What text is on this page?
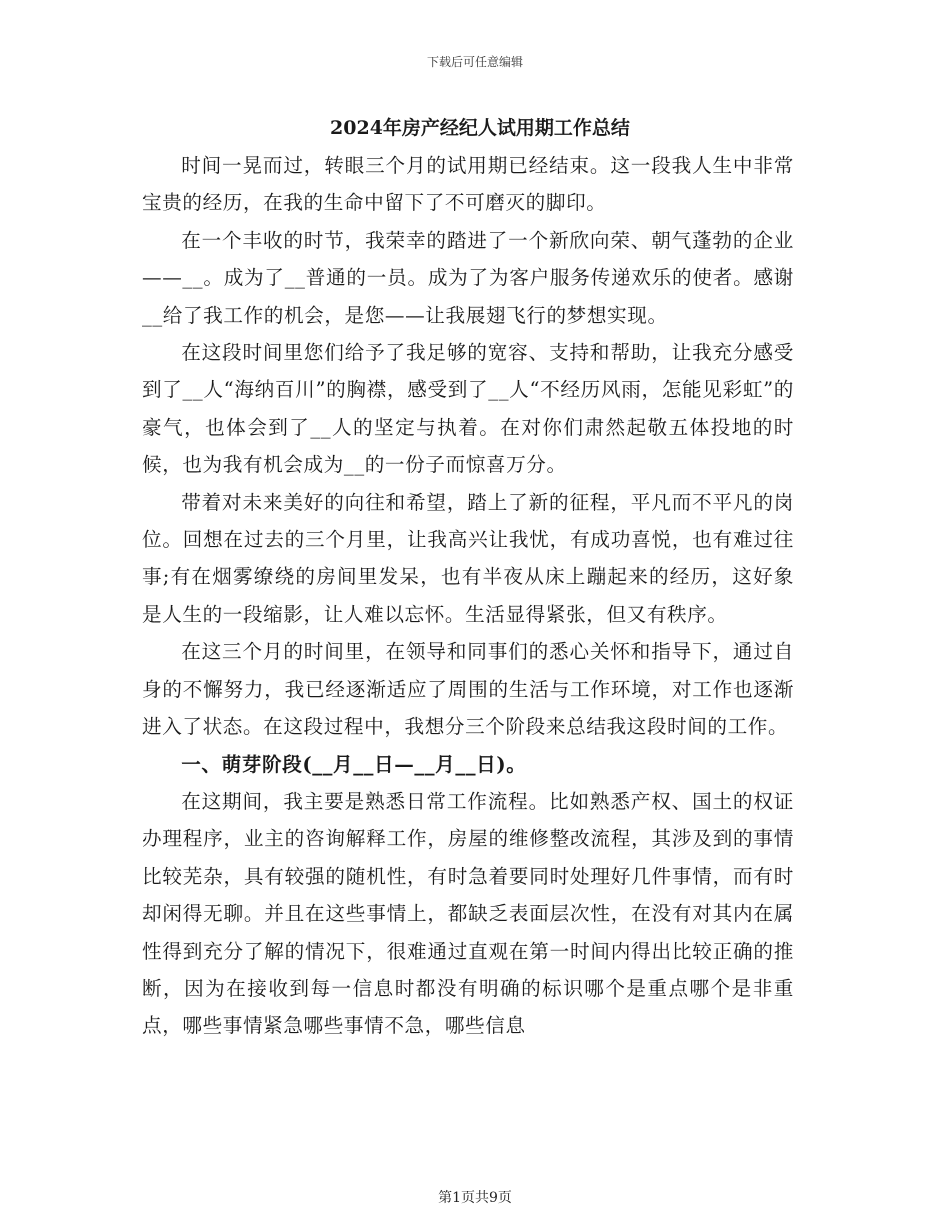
下载后可任意编辑
2024年房产经纪人试用期工作总结

时间一晃而过，转眼三个月的试用期已经结束。这一段我人生中非常宝贵的经历，在我的生命中留下了不可磨灭的脚印。

在一个丰收的时节，我荣幸的踏进了一个新欣向荣、朝气蓬勃的企业——__。成为了__普通的一员。成为了为客户服务传递欢乐的使者。感谢__给了我工作的机会，是您——让我展翅飞行的梦想实现。

在这段时间里您们给予了我足够的宽容、支持和帮助，让我充分感受到了__人“海纳百川”的胸襟，感受到了__人“不经历风雨，怎能见彩虹”的豪气，也体会到了__人的坚定与执着。在对你们肃然起敬五体投地的时候，也为我有机会成为__的一份子而惊喜万分。

带着对未来美好的向往和希望，踏上了新的征程，平凡而不平凡的岗位。回想在过去的三个月里，让我高兴让我忧，有成功喜悦，也有难过往事;有在烟雾缭绕的房间里发呆，也有半夜从床上蹦起来的经历，这好象是人生的一段缩影，让人难以忘怀。生活显得紧张，但又有秩序。

在这三个月的时间里，在领导和同事们的悉心关怀和指导下，通过自身的不懈努力，我已经逐渐适应了周围的生活与工作环境，对工作也逐渐进入了状态。在这段过程中，我想分三个阶段来总结我这段时间的工作。

一、萌芽阶段(__月__日—__月__日)。

在这期间，我主要是熟悉日常工作流程。比如熟悉产权、国土的权证办理程序，业主的咨询解释工作，房屋的维修整改流程，其涉及到的事情比较芜杂，具有较强的随机性，有时急着要同时处理好几件事情，而有时却闲得无聊。并且在这些事情上，都缺乏表面层次性，在没有对其内在属性得到充分了解的情况下，很难通过直观在第一时间内得出比较正确的推断，因为在接收到每一信息时都没有明确的标识哪个是重点哪个是非重点，哪些事情紧急哪些事情不急，哪些信息

第1页共9页
